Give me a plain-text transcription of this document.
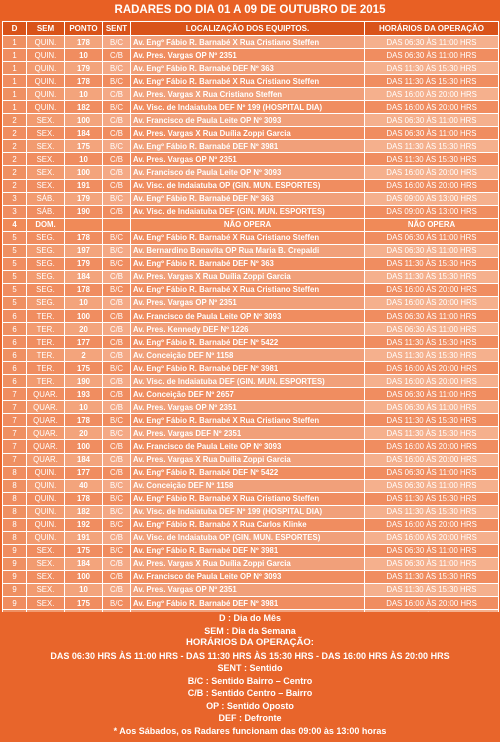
RADARES DO DIA 01 A 09 DE OUTUBRO DE 2015
D	SEM	PONTO	SENT	LOCALIZAÇÃO DOS EQUIPTOS.	HORÁRIOS DA OPERAÇÃO
1	QUIN.	178	B/C	Av. Engº Fábio R. Barnabé X Rua Cristiano Steffen	DAS 06:30 ÀS 11:00 HRS
1	QUIN.	10	C/B	Av. Pres. Vargas OP Nº 2351	DAS 06:30 ÀS 11:00 HRS
1	QUIN.	179	B/C	Av. Engº Fábio R. Barnabé DEF Nº 363	DAS 11:30 ÀS 15:30 HRS
1	QUIN.	178	B/C	Av. Engº Fábio R. Barnabé X Rua Cristiano Steffen	DAS 11:30 ÀS 15:30 HRS
1	QUIN.	10	C/B	Av. Pres. Vargas X Rua Cristiano Steffen	DAS 16:00 ÀS 20:00 HRS
1	QUIN.	182	B/C	Av. Visc. de Indaiatuba DEF Nº 199 (HOSPITAL DIA)	DAS 16:00 ÀS 20:00 HRS
2	SEX.	100	C/B	Av. Francisco de Paula Leite OP Nº 3093	DAS 06:30 ÀS 11:00 HRS
2	SEX.	184	C/B	Av. Pres. Vargas X Rua Duília Zoppi Garcia	DAS 06:30 ÀS 11:00 HRS
2	SEX.	175	B/C	Av. Engº Fábio R. Barnabé DEF Nº 3981	DAS 11:30 ÀS 15:30 HRS
2	SEX.	10	C/B	Av. Pres. Vargas OP Nº 2351	DAS 11:30 ÀS 15:30 HRS
2	SEX.	100	C/B	Av. Francisco de Paula Leite OP Nº 3093	DAS 16:00 ÀS 20:00 HRS
2	SEX.	191	C/B	Av. Visc. de Indaiatuba OP (GIN. MUN. ESPORTES)	DAS 16:00 ÀS 20:00 HRS
3	SÁB.	179	B/C	Av. Engº Fábio R. Barnabé DEF Nº 363	DAS 09:00 ÀS 13:00 HRS
3	SÁB.	190	C/B	Av. Visc. de Indaiatuba DEF (GIN. MUN. ESPORTES)	DAS 09:00 ÀS 13:00 HRS
4	DOM.			NÃO OPERA	NÃO OPERA
5	SEG.	178	B/C	Av. Engº Fábio R. Barnabé X Rua Cristiano Steffen	DAS 06:30 ÀS 11:00 HRS
5	SEG.	197	B/C	Av. Bernardino Bonavita OP Rua Maria B. Crepaldi	DAS 06:30 ÀS 11:00 HRS
5	SEG.	179	B/C	Av. Engº Fábio R. Barnabé DEF Nº 363	DAS 11:30 ÀS 15:30 HRS
5	SEG.	184	C/B	Av. Pres. Vargas X Rua Duília Zoppi Garcia	DAS 11:30 ÀS 15:30 HRS
5	SEG.	178	B/C	Av. Engº Fábio R. Barnabé X Rua Cristiano Steffen	DAS 16:00 ÀS 20:00 HRS
5	SEG.	10	C/B	Av. Pres. Vargas OP Nº 2351	DAS 16:00 ÀS 20:00 HRS
6	TER.	100	C/B	Av. Francisco de Paula Leite OP Nº 3093	DAS 06:30 ÀS 11:00 HRS
6	TER.	20	C/B	Av. Pres. Kennedy DEF Nº 1226	DAS 06:30 ÀS 11:00 HRS
6	TER.	177	C/B	Av. Engº Fábio R. Barnabé DEF Nº 5422	DAS 11:30 ÀS 15:30 HRS
6	TER.	2	C/B	Av. Conceição DEF Nº 1158	DAS 11:30 ÀS 15:30 HRS
6	TER.	175	B/C	Av. Engº Fábio R. Barnabé DEF Nº 3981	DAS 16:00 ÀS 20:00 HRS
6	TER.	190	C/B	Av. Visc. de Indaiatuba DEF (GIN. MUN. ESPORTES)	DAS 16:00 ÀS 20:00 HRS
7	QUAR.	193	C/B	Av. Conceição DEF Nº 2657	DAS 06:30 ÀS 11:00 HRS
7	QUAR.	10	C/B	Av. Pres. Vargas OP Nº 2351	DAS 06:30 ÀS 11:00 HRS
7	QUAR.	178	B/C	Av. Engº Fábio R. Barnabé X Rua Cristiano Steffen	DAS 11:30 ÀS 15:30 HRS
7	QUAR.	20	B/C	Av. Pres. Vargas DEF Nº 2351	DAS 11:30 ÀS 15:30 HRS
7	QUAR.	100	C/B	Av. Francisco de Paula Leite OP Nº 3093	DAS 16:00 ÀS 20:00 HRS
7	QUAR.	184	C/B	Av. Pres. Vargas X Rua Duília Zoppi Garcia	DAS 16:00 ÀS 20:00 HRS
8	QUIN.	177	C/B	Av. Engº Fábio R. Barnabé DEF Nº 5422	DAS 06:30 ÀS 11:00 HRS
8	QUIN.	40	B/C	Av. Conceição DEF Nº 1158	DAS 06:30 ÀS 11:00 HRS
8	QUIN.	178	B/C	Av. Engº Fábio R. Barnabé X Rua Cristiano Steffen	DAS 11:30 ÀS 15:30 HRS
8	QUIN.	182	B/C	Av. Visc. de Indaiatuba DEF Nº 199 (HOSPITAL DIA)	DAS 11:30 ÀS 15:30 HRS
8	QUIN.	192	B/C	Av. Engº Fábio R. Barnabé X Rua Carlos Klinke	DAS 16:00 ÀS 20:00 HRS
8	QUIN.	191	C/B	Av. Visc. de Indaiatuba OP (GIN. MUN. ESPORTES)	DAS 16:00 ÀS 20:00 HRS
9	SEX.	175	B/C	Av. Engº Fábio R. Barnabé DEF Nº 3981	DAS 06:30 ÀS 11:00 HRS
9	SEX.	184	C/B	Av. Pres. Vargas X Rua Duília Zoppi Garcia	DAS 06:30 ÀS 11:00 HRS
9	SEX.	100	C/B	Av. Francisco de Paula Leite OP Nº 3093	DAS 11:30 ÀS 15:30 HRS
9	SEX.	10	C/B	Av. Pres. Vargas OP Nº 2351	DAS 11:30 ÀS 15:30 HRS
9	SEX.	175	B/C	Av. Engº Fábio R. Barnabé DEF Nº 3981	DAS 16:00 ÀS 20:00 HRS

D : Dia do Mês
SEM : Dia da Semana
HORÁRIOS DA OPERAÇÃO:
DAS 06:30 HRS ÀS 11:00 HRS - DAS 11:30 HRS ÀS 15:30 HRS - DAS 16:00 HRS ÀS 20:00 HRS
SENT : Sentido
B/C : Sentido Bairro – Centro
C/B : Sentido Centro – Bairro
OP : Sentido Oposto
DEF : Defronte
* Aos Sábados, os Radares funcionam das 09:00 às 13:00 horas
